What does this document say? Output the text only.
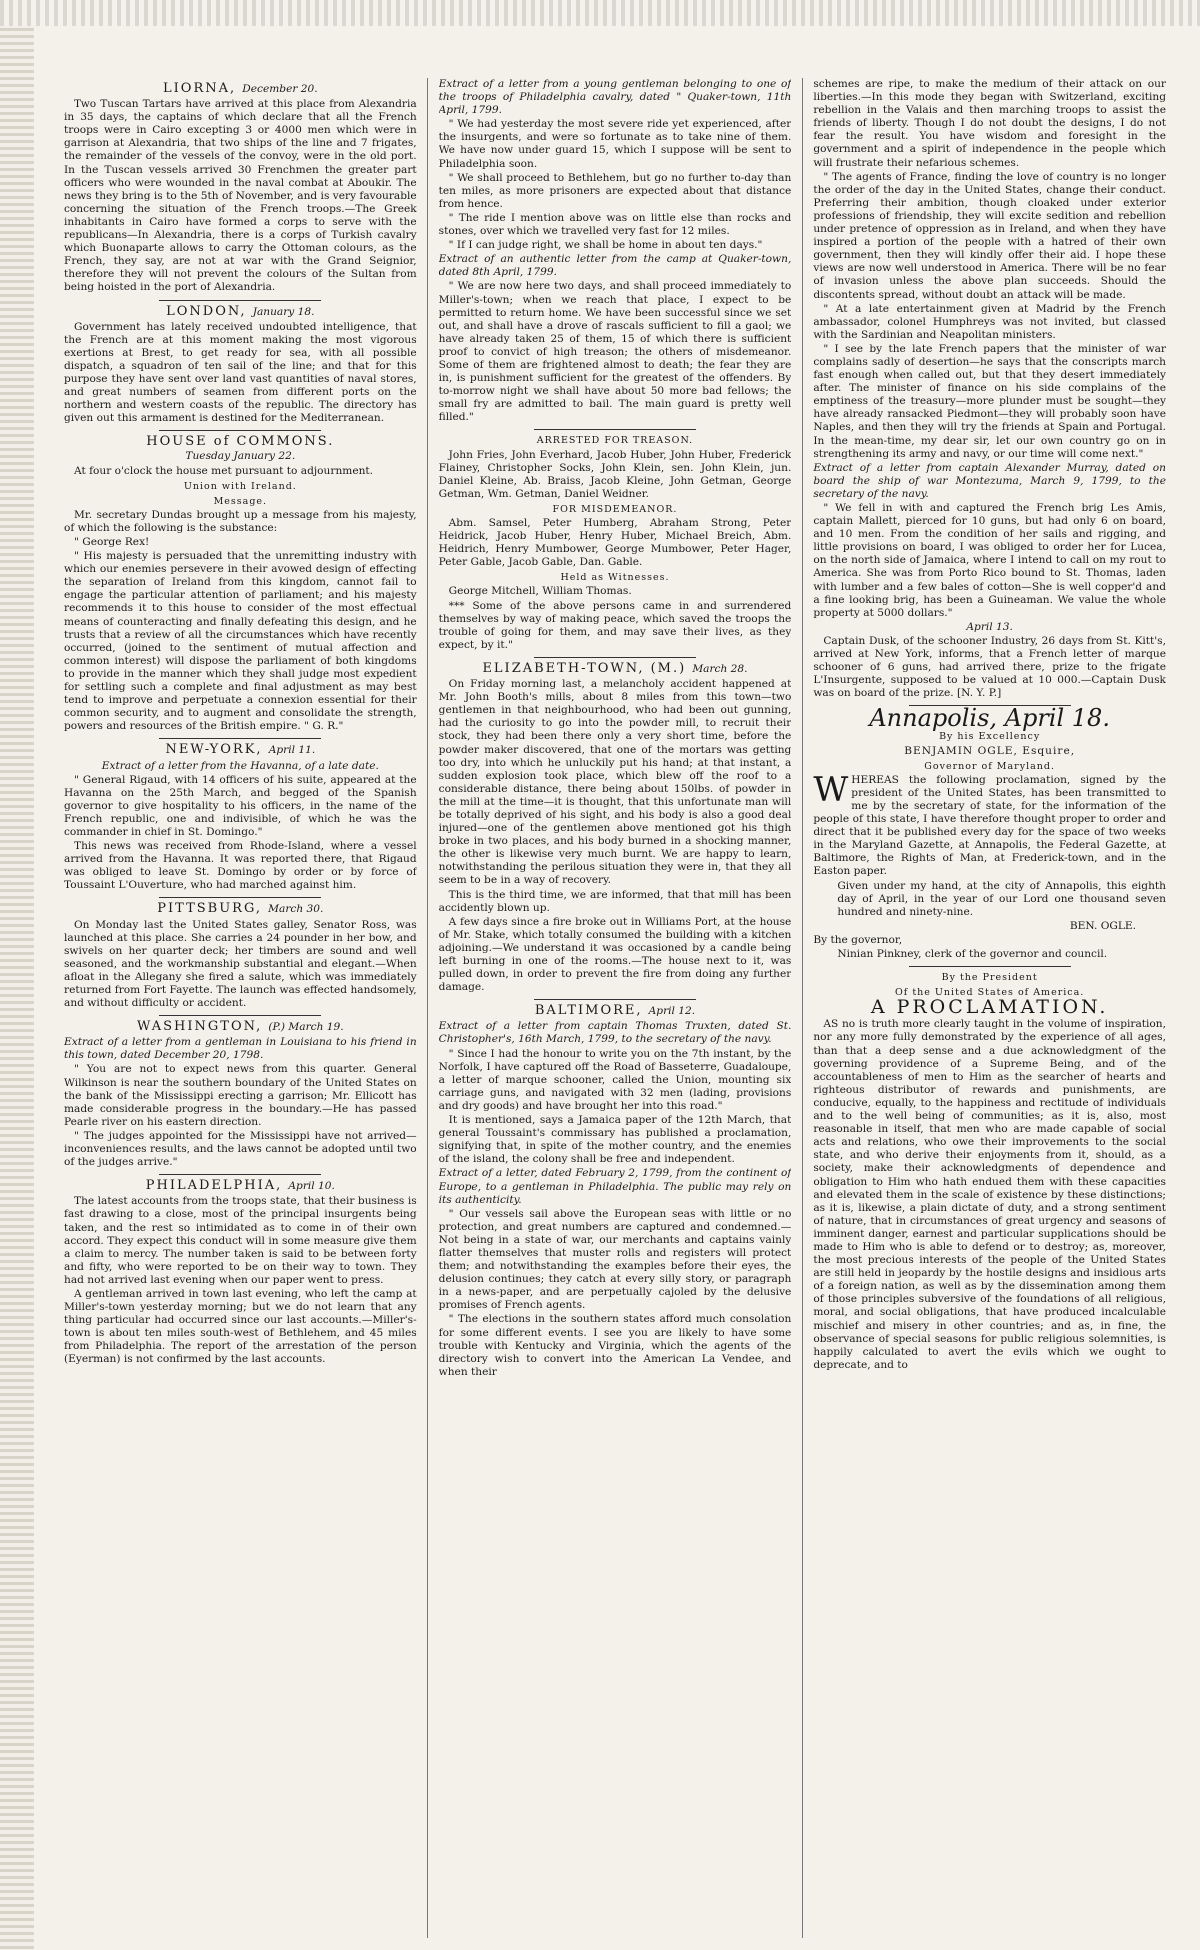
LIORNA, December 20.

Two Tuscan Tartars have arrived at this place from Alexandria in 35 days, the captains of which declare that all the French troops were in Cairo excepting 3 or 4000 men which were in garrison at Alexandria, that two ships of the line and 7 frigates, the remainder of the vessels of the convoy, were in the old port. In the Tuscan vessels arrived 30 Frenchmen the greater part officers who were wounded in the naval combat at Aboukir. The news they bring is to the 5th of November, and is very favourable concerning the situation of the French troops.—The Greek inhabitants in Cairo have formed a corps to serve with the republicans—In Alexandria, there is a corps of Turkish cavalry which Buonaparte allows to carry the Ottoman colours, as the French, they say, are not at war with the Grand Seignior, therefore they will not prevent the colours of the Sultan from being hoisted in the port of Alexandria.

LONDON, January 18.

Government has lately received undoubted intelligence, that the French are at this moment making the most vigorous exertions at Brest, to get ready for sea, with all possible dispatch, a squadron of ten sail of the line; and that for this purpose they have sent over land vast quantities of naval stores, and great numbers of seamen from different ports on the northern and western coasts of the republic. The directory has given out this armament is destined for the Mediterranean.

HOUSE of COMMONS.

Tuesday January 22.

At four o'clock the house met pursuant to adjournment.

Union with Ireland.
Message.

Mr. secretary Dundas brought up a message from his majesty, of which the following is the substance:

" George Rex!

" His majesty is persuaded that the unremitting industry with which our enemies persevere in their avowed design of effecting the separation of Ireland from this kingdom, cannot fail to engage the particular attention of parliament; and his majesty recommends it to this house to consider of the most effectual means of counteracting and finally defeating this design, and he trusts that a review of all the circumstances which have recently occurred, (joined to the sentiment of mutual affection and common interest) will dispose the parliament of both kingdoms to provide in the manner which they shall judge most expedient for settling such a complete and final adjustment as may best tend to improve and perpetuate a connexion essential for their common security, and to augment and consolidate the strength, powers and resources of the British empire. " G. R."

NEW-YORK, April 11.

Extract of a letter from the Havanna, of a late date.

" General Rigaud, with 14 officers of his suite, appeared at the Havanna on the 25th March, and begged of the Spanish governor to give hospitality to his officers, in the name of the French republic, one and indivisible, of which he was the commander in chief in St. Domingo."

This news was received from Rhode-Island, where a vessel arrived from the Havanna. It was reported there, that Rigaud was obliged to leave St. Domingo by order or by force of Toussaint L'Ouverture, who had marched against him.

PITTSBURG, March 30.

On Monday last the United States galley, Senator Ross, was launched at this place. She carries a 24 pounder in her bow, and swivels on her quarter deck; her timbers are sound and well seasoned, and the workmanship substantial and elegant.—When afloat in the Allegany she fired a salute, which was immediately returned from Fort Fayette. The launch was effected handsomely, and without difficulty or accident.

WASHINGTON, (P.) March 19.

Extract of a letter from a gentleman in Louisiana to his friend in this town, dated December 20, 1798.

" You are not to expect news from this quarter. General Wilkinson is near the southern boundary of the United States on the bank of the Mississippi erecting a garrison; Mr. Ellicott has made considerable progress in the boundary.—He has passed Pearle river on his eastern direction.

" The judges appointed for the Mississippi have not arrived—inconveniences results, and the laws cannot be adopted until two of the judges arrive."

PHILADELPHIA, April 10.

The latest accounts from the troops state, that their business is fast drawing to a close, most of the principal insurgents being taken, and the rest so intimidated as to come in of their own accord. They expect this conduct will in some measure give them a claim to mercy. The number taken is said to be between forty and fifty, who were reported to be on their way to town. They had not arrived last evening when our paper went to press.

A gentleman arrived in town last evening, who left the camp at Miller's-town yesterday morning; but we do not learn that any thing particular had occurred since our last accounts.—Miller's-town is about ten miles south-west of Bethlehem, and 45 miles from Philadelphia. The report of the arrestation of the person (Eyerman) is not confirmed by the last accounts.

Extract of a letter from a young gentleman belonging to one of the troops of Philadelphia cavalry, dated " Quaker-town, 11th April, 1799.

" We had yesterday the most severe ride yet experienced, after the insurgents, and were so fortunate as to take nine of them. We have now under guard 15, which I suppose will be sent to Philadelphia soon.

" We shall proceed to Bethlehem, but go no further to-day than ten miles, as more prisoners are expected about that distance from hence.

" The ride I mention above was on little else than rocks and stones, over which we travelled very fast for 12 miles.

" If I can judge right, we shall be home in about ten days."

Extract of an authentic letter from the camp at Quaker-town, dated 8th April, 1799.

" We are now here two days, and shall proceed immediately to Miller's-town; when we reach that place, I expect to be permitted to return home. We have been successful since we set out, and shall have a drove of rascals sufficient to fill a gaol; we have already taken 25 of them, 15 of which there is sufficient proof to convict of high treason; the others of misdemeanor. Some of them are frightened almost to death; the fear they are in, is punishment sufficient for the greatest of the offenders. By to-morrow night we shall have about 50 more bad fellows; the small fry are admitted to bail. The main guard is pretty well filled."

ARRESTED FOR TREASON.

John Fries, John Everhard, Jacob Huber, John Huber, Frederick Flainey, Christopher Socks, John Klein, sen. John Klein, jun. Daniel Kleine, Ab. Braiss, Jacob Kleine, John Getman, George Getman, Wm. Getman, Daniel Weidner.

FOR MISDEMEANOR.

Abm. Samsel, Peter Humberg, Abraham Strong, Peter Heidrick, Jacob Huber, Henry Huber, Michael Breich, Abm. Heidrich, Henry Mumbower, George Mumbower, Peter Hager, Peter Gable, Jacob Gable, Dan. Gable.

Held as Witnesses.

George Mitchell, William Thomas.

*** Some of the above persons came in and surrendered themselves by way of making peace, which saved the troops the trouble of going for them, and may save their lives, as they expect, by it."

ELIZABETH-TOWN, (M.) March 28.

On Friday morning last, a melancholy accident happened at Mr. John Booth's mills, about 8 miles from this town—two gentlemen in that neighbourhood, who had been out gunning, had the curiosity to go into the powder mill, to recruit their stock, they had been there only a very short time, before the powder maker discovered, that one of the mortars was getting too dry, into which he unluckily put his hand; at that instant, a sudden explosion took place, which blew off the roof to a considerable distance, there being about 150lbs. of powder in the mill at the time—it is thought, that this unfortunate man will be totally deprived of his sight, and his body is also a good deal injured—one of the gentlemen above mentioned got his thigh broke in two places, and his body burned in a shocking manner, the other is likewise very much burnt. We are happy to learn, notwithstanding the perilous situation they were in, that they all seem to be in a way of recovery.

This is the third time, we are informed, that that mill has been accidently blown up.

A few days since a fire broke out in Williams Port, at the house of Mr. Stake, which totally consumed the building with a kitchen adjoining.—We understand it was occasioned by a candle being left burning in one of the rooms.—The house next to it, was pulled down, in order to prevent the fire from doing any further damage.

BALTIMORE, April 12.

Extract of a letter from captain Thomas Truxten, dated St. Christopher's, 16th March, 1799, to the secretary of the navy.

" Since I had the honour to write you on the 7th instant, by the Norfolk, I have captured off the Road of Basseterre, Guadaloupe, a letter of marque schooner, called the Union, mounting six carriage guns, and navigated with 32 men (lading, provisions and dry goods) and have brought her into this road."

It is mentioned, says a Jamaica paper of the 12th March, that general Toussaint's commissary has published a proclamation, signifying that, in spite of the mother country, and the enemies of the island, the colony shall be free and independent.

Extract of a letter, dated February 2, 1799, from the continent of Europe, to a gentleman in Philadelphia. The public may rely on its authenticity.

" Our vessels sail above the European seas with little or no protection, and great numbers are captured and condemned.—Not being in a state of war, our merchants and captains vainly flatter themselves that muster rolls and registers will protect them; and notwithstanding the examples before their eyes, the delusion continues; they catch at every silly story, or paragraph in a news-paper, and are perpetually cajoled by the delusive promises of French agents.

" The elections in the southern states afford much consolation for some different events. I see you are likely to have some trouble with Kentucky and Virginia, which the agents of the directory wish to convert into the American La Vendee, and when their

schemes are ripe, to make the medium of their attack on our liberties.—In this mode they began with Switzerland, exciting rebellion in the Valais and then marching troops to assist the friends of liberty. Though I do not doubt the designs, I do not fear the result. You have wisdom and foresight in the government and a spirit of independence in the people which will frustrate their nefarious schemes.

" The agents of France, finding the love of country is no longer the order of the day in the United States, change their conduct. Preferring their ambition, though cloaked under exterior professions of friendship, they will excite sedition and rebellion under pretence of oppression as in Ireland, and when they have inspired a portion of the people with a hatred of their own government, then they will kindly offer their aid. I hope these views are now well understood in America. There will be no fear of invasion unless the above plan succeeds. Should the discontents spread, without doubt an attack will be made.

" At a late entertainment given at Madrid by the French ambassador, colonel Humphreys was not invited, but classed with the Sardinian and Neapolitan ministers.

" I see by the late French papers that the minister of war complains sadly of desertion—he says that the conscripts march fast enough when called out, but that they desert immediately after. The minister of finance on his side complains of the emptiness of the treasury—more plunder must be sought—they have already ransacked Piedmont—they will probably soon have Naples, and then they will try the friends at Spain and Portugal. In the mean-time, my dear sir, let our own country go on in strengthening its army and navy, or our time will come next."

Extract of a letter from captain Alexander Murray, dated on board the ship of war Montezuma, March 9, 1799, to the secretary of the navy.

" We fell in with and captured the French brig Les Amis, captain Mallett, pierced for 10 guns, but had only 6 on board, and 10 men. From the condition of her sails and rigging, and little provisions on board, I was obliged to order her for Lucea, on the north side of Jamaica, where I intend to call on my rout to America. She was from Porto Rico bound to St. Thomas, laden with lumber and a few bales of cotton—She is well copper'd and a fine looking brig, has been a Guineaman. We value the whole property at 5000 dollars."

April 13.

Captain Dusk, of the schooner Industry, 26 days from St. Kitt's, arrived at New York, informs, that a French letter of marque schooner of 6 guns, had arrived there, prize to the frigate L'Insurgente, supposed to be valued at 10 000.—Captain Dusk was on board of the prize. [N. Y. P.]

Annapolis, April 18.
By his Excellency
BENJAMIN OGLE, Esquire,
Governor of Maryland.

WHEREAS the following proclamation, signed by the president of the United States, has been transmitted to me by the secretary of state, for the information of the people of this state, I have therefore thought proper to order and direct that it be published every day for the space of two weeks in the Maryland Gazette, at Annapolis, the Federal Gazette, at Baltimore, the Rights of Man, at Frederick-town, and in the Easton paper.

Given under my hand, at the city of Annapolis, this eighth day of April, in the year of our Lord one thousand seven hundred and ninety-nine.

BEN. OGLE.

By the governor,

Ninian Pinkney, clerk of the governor and council.

By the President
Of the United States of America.
A PROCLAMATION.

AS no is truth more clearly taught in the volume of inspiration, nor any more fully demonstrated by the experience of all ages, than that a deep sense and a due acknowledgment of the governing providence of a Supreme Being, and of the accountableness of men to Him as the searcher of hearts and righteous distributor of rewards and punishments, are conducive, equally, to the happiness and rectitude of individuals and to the well being of communities; as it is, also, most reasonable in itself, that men who are made capable of social acts and relations, who owe their improvements to the social state, and who derive their enjoyments from it, should, as a society, make their acknowledgments of dependence and obligation to Him who hath endued them with these capacities and elevated them in the scale of existence by these distinctions; as it is, likewise, a plain dictate of duty, and a strong sentiment of nature, that in circumstances of great urgency and seasons of imminent danger, earnest and particular supplications should be made to Him who is able to defend or to destroy; as, moreover, the most precious interests of the people of the United States are still held in jeopardy by the hostile designs and insidious arts of a foreign nation, as well as by the dissemination among them of those principles subversive of the foundations of all religious, moral, and social obligations, that have produced incalculable mischief and misery in other countries; and as, in fine, the observance of special seasons for public religious solemnities, is happily calculated to avert the evils which we ought to deprecate, and to
